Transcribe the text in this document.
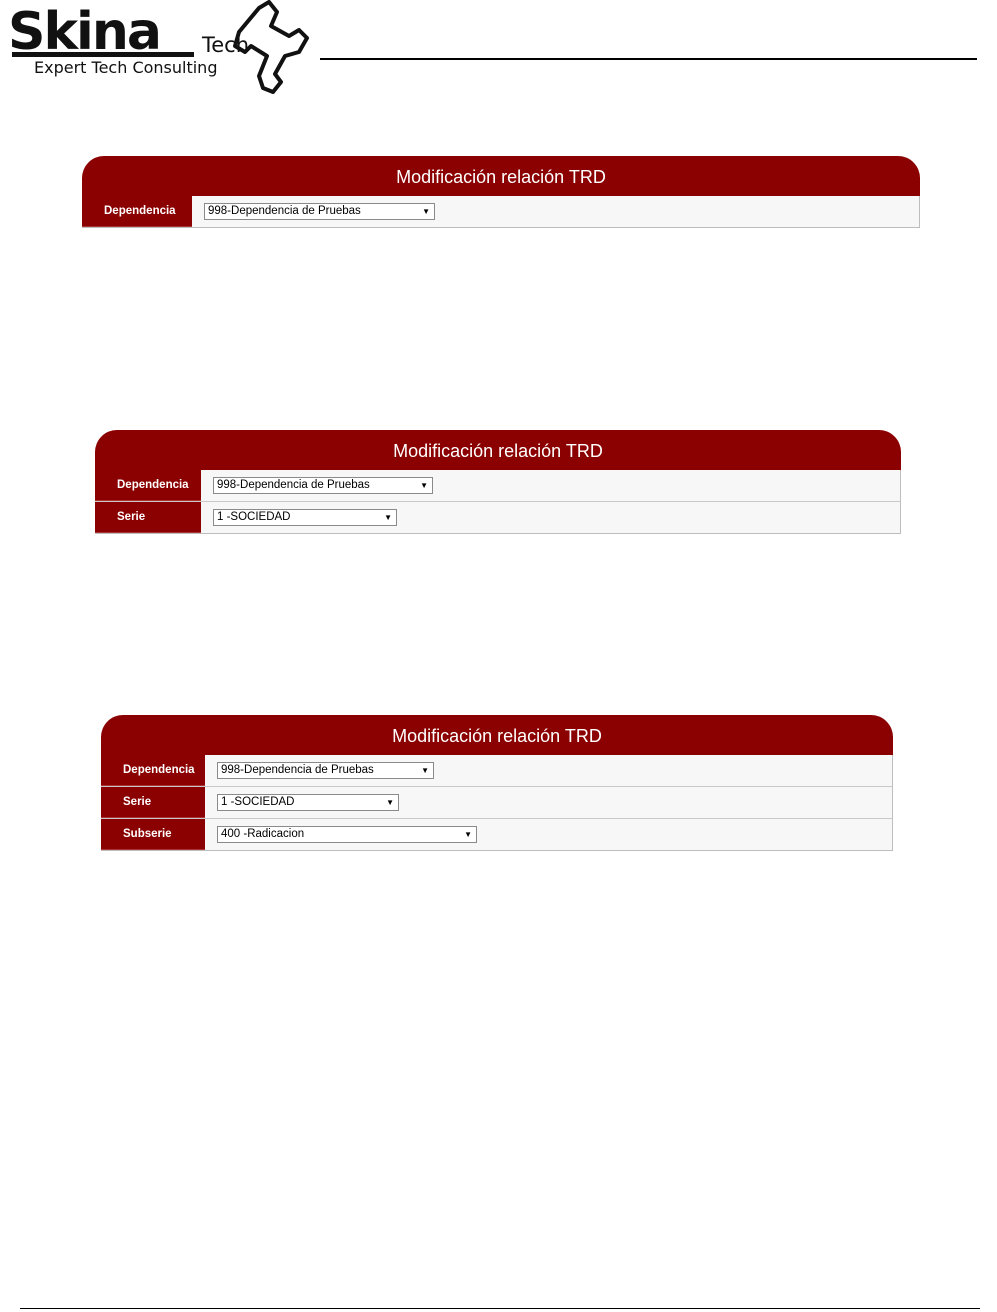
Skina Tech
Expert Tech Consulting
Modificación relación TRD
Dependencia	998-Dependencia de Pruebas	▼
Modificación relación TRD
Dependencia	998-Dependencia de Pruebas	▼
Serie	1 -SOCIEDAD	▼
Modificación relación TRD
Dependencia	998-Dependencia de Pruebas	▼
Serie	1 -SOCIEDAD	▼
Subserie	400 -Radicacion	▼
